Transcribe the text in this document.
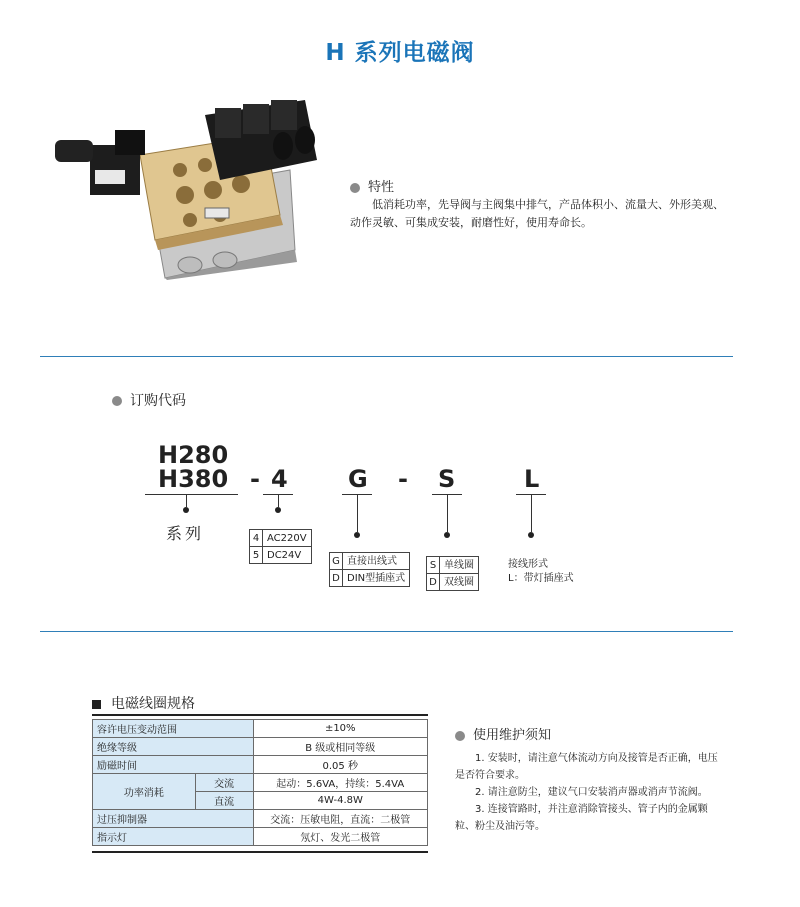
H 系列电磁阀
特性
低消耗功率，先导阀与主阀集中排气，产品体积小、流量大、外形美观、动作灵敏、可集成安装，耐磨性好，使用寿命长。
订购代码
H280
H380
系列
- 4
4	AC220V
5	DC24V
G
G	直接出线式
D	DIN型插座式
- S
S	单线圈
D	双线圈
L
接线形式
L：带灯插座式
电磁线圈规格
容许电压变动范围		±10%
绝缘等级		B 级或相同等级
励磁时间		0.05 秒
功率消耗	交流	起动：5.6VA，持续：5.4VA
	直流	4W-4.8W
过压抑制器		交流：压敏电阻，直流：二极管
指示灯		氖灯、发光二极管
使用维护须知

1. 安装时，请注意气体流动方向及接管是否正确，电压是否符合要求。

2. 请注意防尘，建议气口安装消声器或消声节流阀。

3. 连接管路时，并注意消除管接头、管子内的金属颗粒、粉尘及油污等。
